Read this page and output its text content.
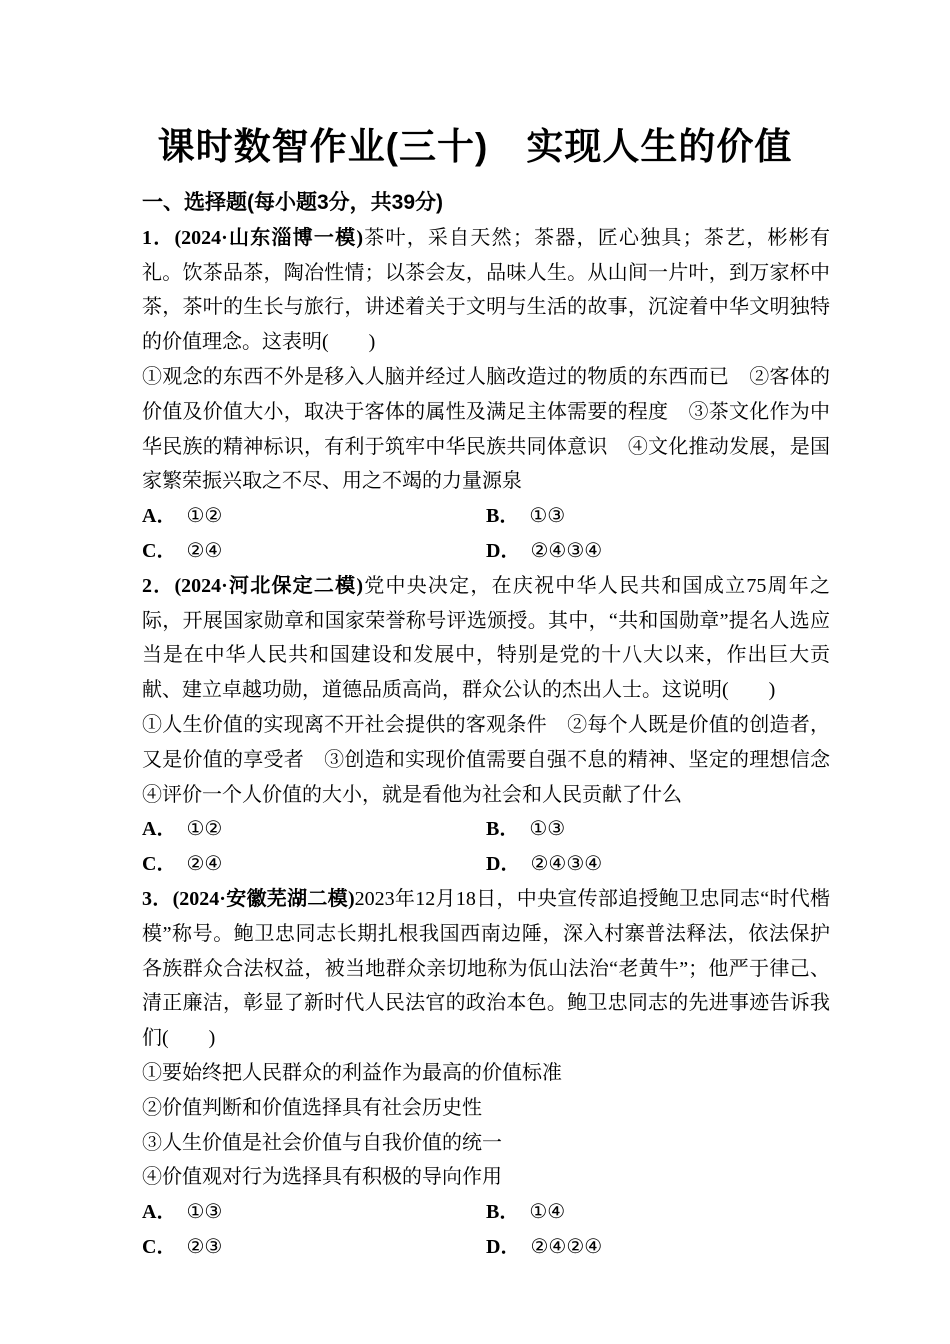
课时数智作业(三十)　实现人生的价值
一、选择题(每小题3分，共39分)

1．(2024·山东淄博一模)茶叶，采自天然；茶器，匠心独具；茶艺，彬彬有礼。饮茶品茶，陶冶性情；以茶会友，品味人生。从山间一片叶，到万家杯中茶，茶叶的生长与旅行，讲述着关于文明与生活的故事，沉淀着中华文明独特的价值理念。这表明(　　)

①观念的东西不外是移入人脑并经过人脑改造过的物质的东西而已　②客体的价值及价值大小，取决于客体的属性及满足主体需要的程度　③茶文化作为中华民族的精神标识，有利于筑牢中华民族共同体意识　④文化推动发展，是国家繁荣振兴取之不尽、用之不竭的力量源泉

A． ①②	B． ①③
C． ②④	D． ②④③④

2．(2024·河北保定二模)党中央决定，在庆祝中华人民共和国成立75周年之际，开展国家勋章和国家荣誉称号评选颁授。其中，“共和国勋章”提名人选应当是在中华人民共和国建设和发展中，特别是党的十八大以来，作出巨大贡献、建立卓越功勋，道德品质高尚，群众公认的杰出人士。这说明(　　)

①人生价值的实现离不开社会提供的客观条件　②每个人既是价值的创造者，又是价值的享受者　③创造和实现价值需要自强不息的精神、坚定的理想信念④评价一个人价值的大小，就是看他为社会和人民贡献了什么

A． ①②	B． ①③
C． ②④	D． ②④③④

3．(2024·安徽芜湖二模)2023年12月18日，中央宣传部追授鲍卫忠同志“时代楷模”称号。鲍卫忠同志长期扎根我国西南边陲，深入村寨普法释法，依法保护各族群众合法权益，被当地群众亲切地称为佤山法治“老黄牛”；他严于律己、清正廉洁，彰显了新时代人民法官的政治本色。鲍卫忠同志的先进事迹告诉我们(　　)

①要始终把人民群众的利益作为最高的价值标准

②价值判断和价值选择具有社会历史性

③人生价值是社会价值与自我价值的统一

④价值观对行为选择具有积极的导向作用

A． ①③	B． ①④
C． ②③	D． ②④②④
